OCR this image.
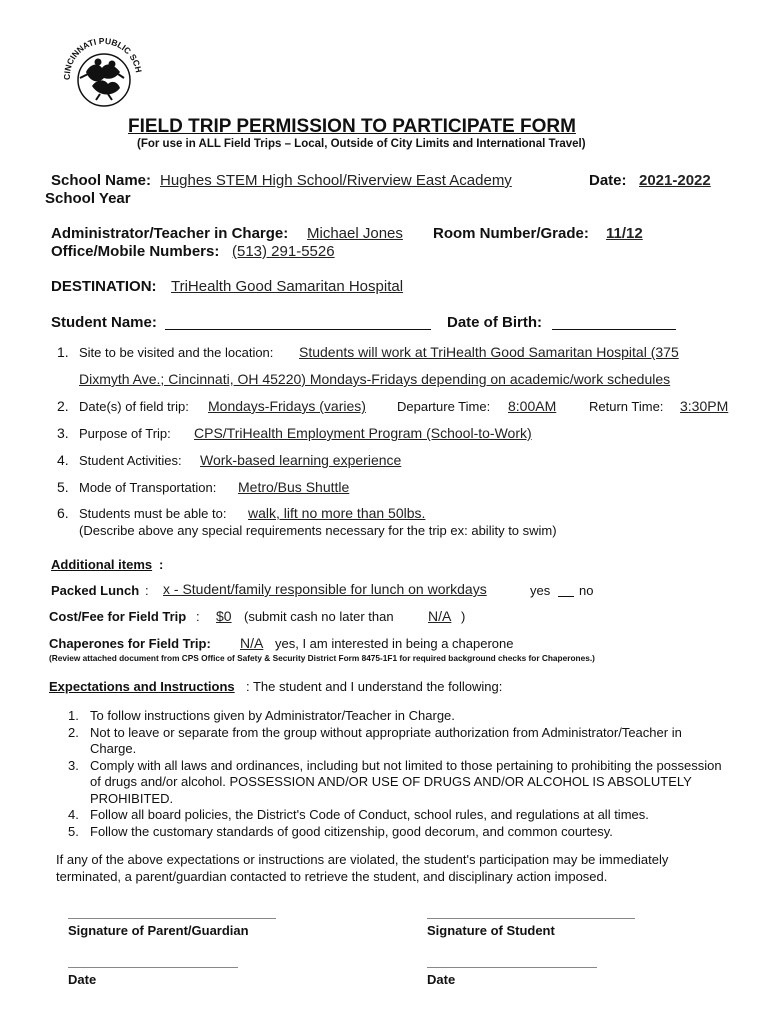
CINCINNATI PUBLIC SCH
FIELD TRIP PERMISSION TO PARTICIPATE FORM
(For use in ALL Field Trips – Local, Outside of City Limits and International Travel)
School Name: Hughes STEM High School/Riverview East Academy	Date: 2021-2022
School Year
Administrator/Teacher in Charge: Michael Jones Room Number/Grade: 11/12
Office/Mobile Numbers: (513) 291-5526
DESTINATION: TriHealth Good Samaritan Hospital
Student Name:	Date of Birth:
1. Site to be visited and the location: Students will work at TriHealth Good Samaritan Hospital (375
Dixmyth Ave.; Cincinnati, OH 45220) Mondays-Fridays depending on academic/work schedules
2. Date(s) of field trip: Mondays-Fridays (varies) Departure Time: 8:00AM	Return Time: 3:30PM
3. Purpose of Trip: CPS/TriHealth Employment Program (School-to-Work)
4. Student Activities: Work-based learning experience
5. Mode of Transportation: Metro/Bus Shuttle
6. Students must be able to: walk, lift no more than 50lbs.
(Describe above any special requirements necessary for the trip ex: ability to swim)
Additional items :
Packed Lunch : x - Student/family responsible for lunch on workdays	yes no
Cost/Fee for Field Trip : $0 (submit cash no later than N/A )
Chaperones for Field Trip: N/A yes, I am interested in being a chaperone
(Review attached document from CPS Office of Safety & Security District Form 8475-1F1 for required background checks for Chaperones.)
Expectations and Instructions : The student and I understand the following:
1. To follow instructions given by Administrator/Teacher in Charge.
2. Not to leave or separate from the group without appropriate authorization from Administrator/Teacher in Charge.
3. Comply with all laws and ordinances, including but not limited to those pertaining to prohibiting the possession of drugs and/or alcohol. POSSESSION AND/OR USE OF DRUGS AND/OR ALCOHOL IS ABSOLUTELY PROHIBITED.
4. Follow all board policies, the District's Code of Conduct, school rules, and regulations at all times.
5. Follow the customary standards of good citizenship, good decorum, and common courtesy.
If any of the above expectations or instructions are violated, the student's participation may be immediately terminated, a parent/guardian contacted to retrieve the student, and disciplinary action imposed.
Signature of Parent/Guardian	Signature of Student
Date	Date
